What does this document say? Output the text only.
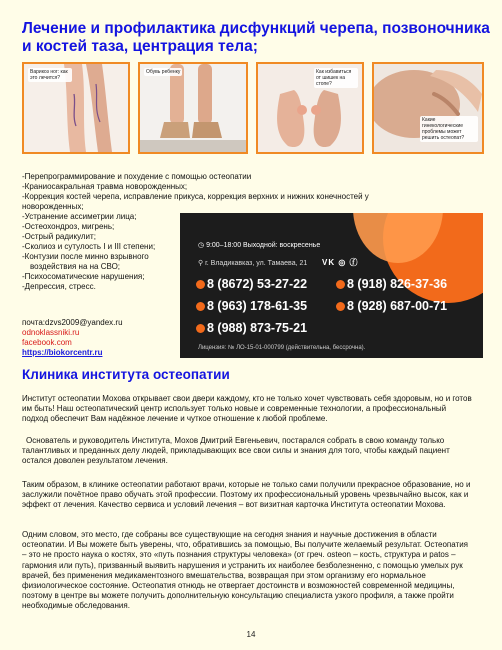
Лечение и профилактика дисфункций черепа, позвоночника и костей таза, центрация тела;
Варикоз ног: как это лечится?
Обувь ребенку	Как избавиться от шишек на стопе?
Какие гинекологические проблемы может решить остеопат?
-Перепрограммирование и похудение с помощью остеопатии
-Краниосакральная травма новорожденных;
-Коррекция костей черепа, исправление прикуса, коррекция верхних и нижних конечностей у
новорожденных;
-Устранение ассиметрии лица;
-Остеохондроз, мигрень;
-Острый радикулит;
-Сколиоз и сутулость I и III степени;
-Контузии после минно взрывного
воздействия на на СВО;
-Психосоматические нарушения;
-Депрессия, стресс.
◷ 9:00–18:00 Выходной: воскресенье
⚲ г. Владикавказ, ул. Тамаева, 21 VK ◎ ⓕ
8 (8672) 53-27-22	8 (918) 826-37-36
8 (963) 178-61-35	8 (928) 687-00-71
8 (988) 873-75-21
Лицензия: № ЛО-15-01-000799 (действительна, бессрочна).
почта:dzvs2009@yandex.ru
odnoklassniki.ru
facebook.com
https://biokorcentr.ru
Клиника института остеопатии
Институт остеопатии Мохова открывает свои двери каждому, кто не только хочет чувствовать себя здоровым, но и готов им быть! Наш остеопатический центр использует только новые и современные технологии, а профессиональный подход обеспечит Вам надёжное лечение и чуткое отношение к любой проблеме.
Основатель и руководитель Института, Мохов Дмитрий Евгеньевич, постарался собрать в свою команду только талантливых и преданных делу людей, прикладывающих все свои силы и знания для того, чтобы каждый пациент остался доволен результатом лечения.
Таким образом, в клинике остеопатии работают врачи, которые не только сами получили прекрасное образование, но и заслужили почётное право обучать этой профессии. Поэтому их профессиональный уровень чрезвычайно высок, как и эффект от лечения. Качество сервиса и условий лечения – вот визитная карточка Института остеопатии Мохова.
Одним словом, это место, где собраны все существующие на сегодня знания и научные достижения в области остеопатии. И Вы можете быть уверены, что, обратившись за помощью, Вы получите желаемый результат. Остеопатия – это не просто наука о костях, это «путь познания структуры человека» (от греч. osteon – кость, структура и patos – гармония или путь), призванный выявить нарушения и устранить их наиболее безболезненно, с помощью умелых рук врачей, без применения медикаментозного вмешательства, возвращая при этом организму его нормальное физиологическое состояние. Остеопатия отнюдь не отвергает достоинств и возможностей современной медицины, поэтому в центре вы можете получить дополнительную консультацию специалиста узкого профиля, а также пройти необходимые обследования.
14
